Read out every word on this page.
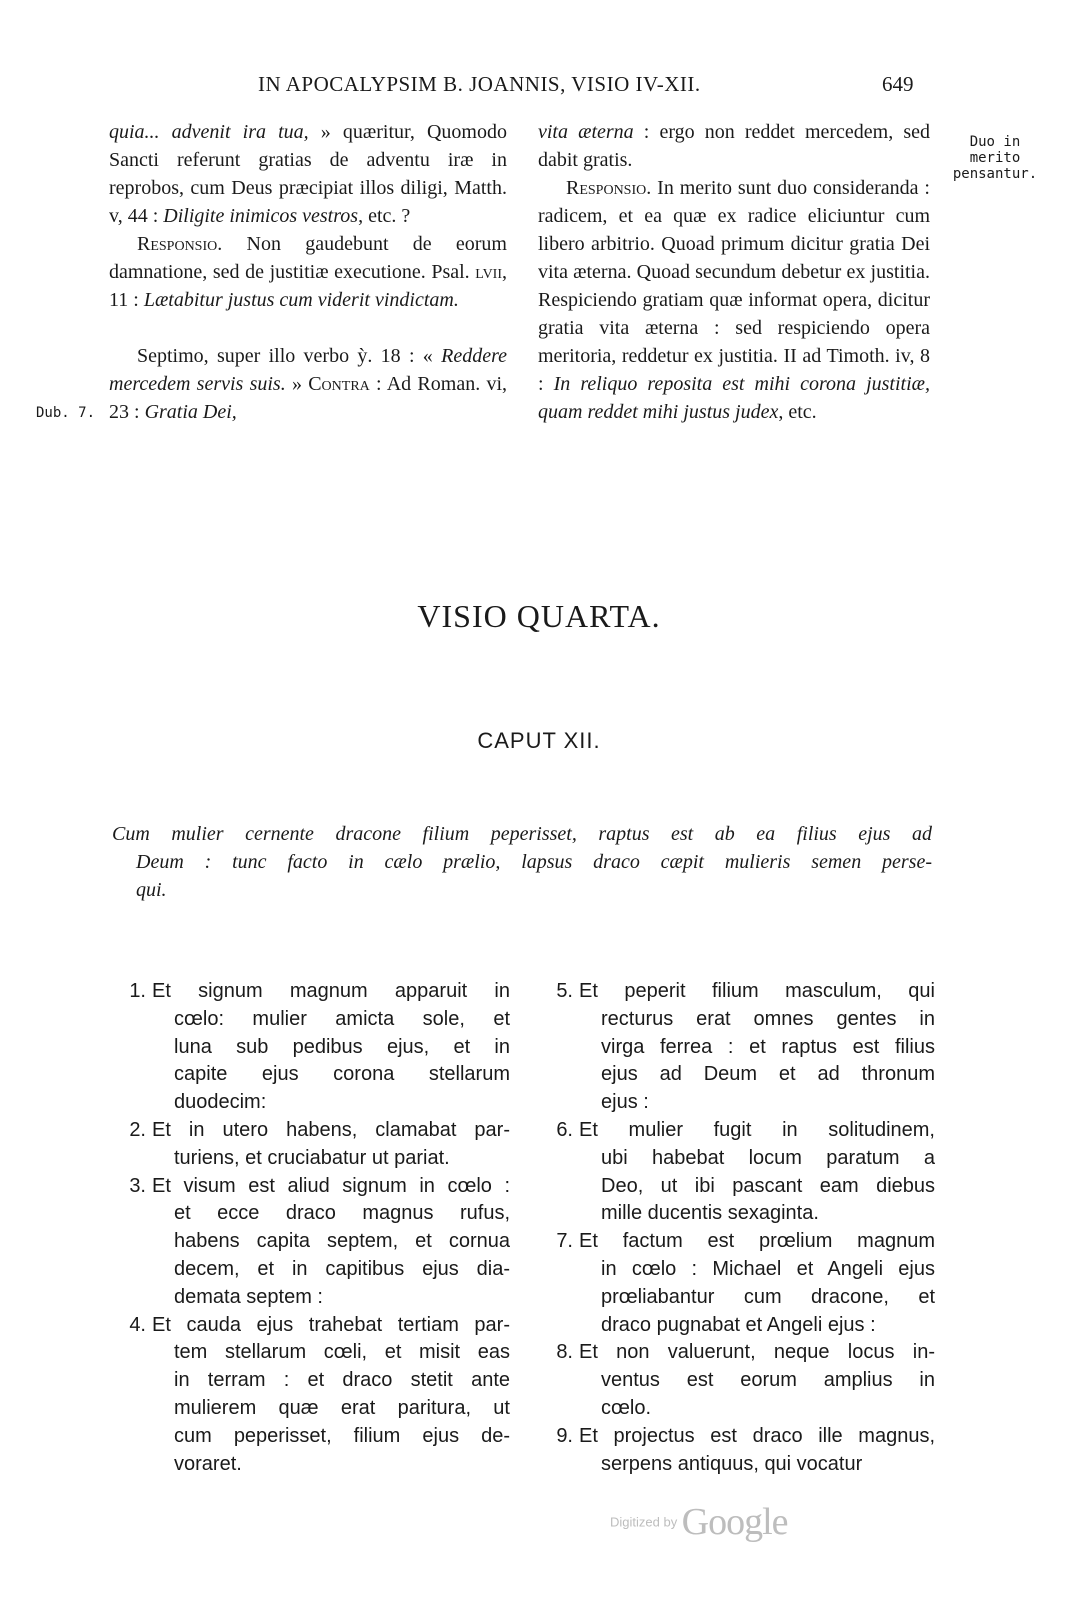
IN APOCALYPSIM B. JOANNIS, VISIO IV-XII.	649
Dub. 7.
Duo in
merito
pensantur.

quia... advenit ira tua, » quæritur, Quomodo Sancti referunt gratias de adventu iræ in reprobos, cum Deus præcipiat illos diligi, Matth. v, 44 : Diligite inimicos vestros, etc. ?

Responsio. Non gaudebunt de eorum damnatione, sed de justitiæ executione. Psal. lvii, 11 : Lætabitur justus cum viderit vindictam.

Septimo, super illo verbo ỳ. 18 : « Reddere mercedem servis suis. » Contra : Ad Roman. vi, 23 : Gratia Dei,

vita æterna : ergo non reddet mercedem, sed dabit gratis.

Responsio. In merito sunt duo consideranda : radicem, et ea quæ ex radice eliciuntur cum libero arbitrio. Quoad primum dicitur gratia Dei vita æterna. Quoad secundum debetur ex justitia. Respiciendo gratiam quæ informat opera, dicitur gratia vita æterna : sed respiciendo opera meritoria, reddetur ex justitia. II ad Timoth. iv, 8 : In reliquo reposita est mihi corona justitiæ, quam reddet mihi justus judex, etc.

VISIO QUARTA.
CAPUT XII.

Cum mulier cernente dracone filium peperisset, raptus est ab ea filius ejus ad

Deum : tunc facto in cælo prælio, lapsus draco cæpit mulieris semen perse-

qui.

1. Et signum magnum apparuit in
cœlo: mulier amicta sole, et
luna sub pedibus ejus, et in
capite ejus corona stellarum
duodecim:
2. Et in utero habens, clamabat par-
turiens, et cruciabatur ut pariat.
3. Et visum est aliud signum in cœlo :
et ecce draco magnus rufus,
habens capita septem, et cornua
decem, et in capitibus ejus dia-
demata septem :
4. Et cauda ejus trahebat tertiam par-
tem stellarum cœli, et misit eas
in terram : et draco stetit ante
mulierem quæ erat paritura, ut
cum peperisset, filium ejus de-
voraret.
5. Et peperit filium masculum, qui
recturus erat omnes gentes in
virga ferrea : et raptus est filius
ejus ad Deum et ad thronum
ejus :
6. Et mulier fugit in solitudinem,
ubi habebat locum paratum a
Deo, ut ibi pascant eam diebus
mille ducentis sexaginta.
7. Et factum est prœlium magnum
in cœlo : Michael et Angeli ejus
prœliabantur cum dracone, et
draco pugnabat et Angeli ejus :
8. Et non valuerunt, neque locus in-
ventus est eorum amplius in
cœlo.
9. Et projectus est draco ille magnus,
serpens antiquus, qui vocatur
Digitized by Google
